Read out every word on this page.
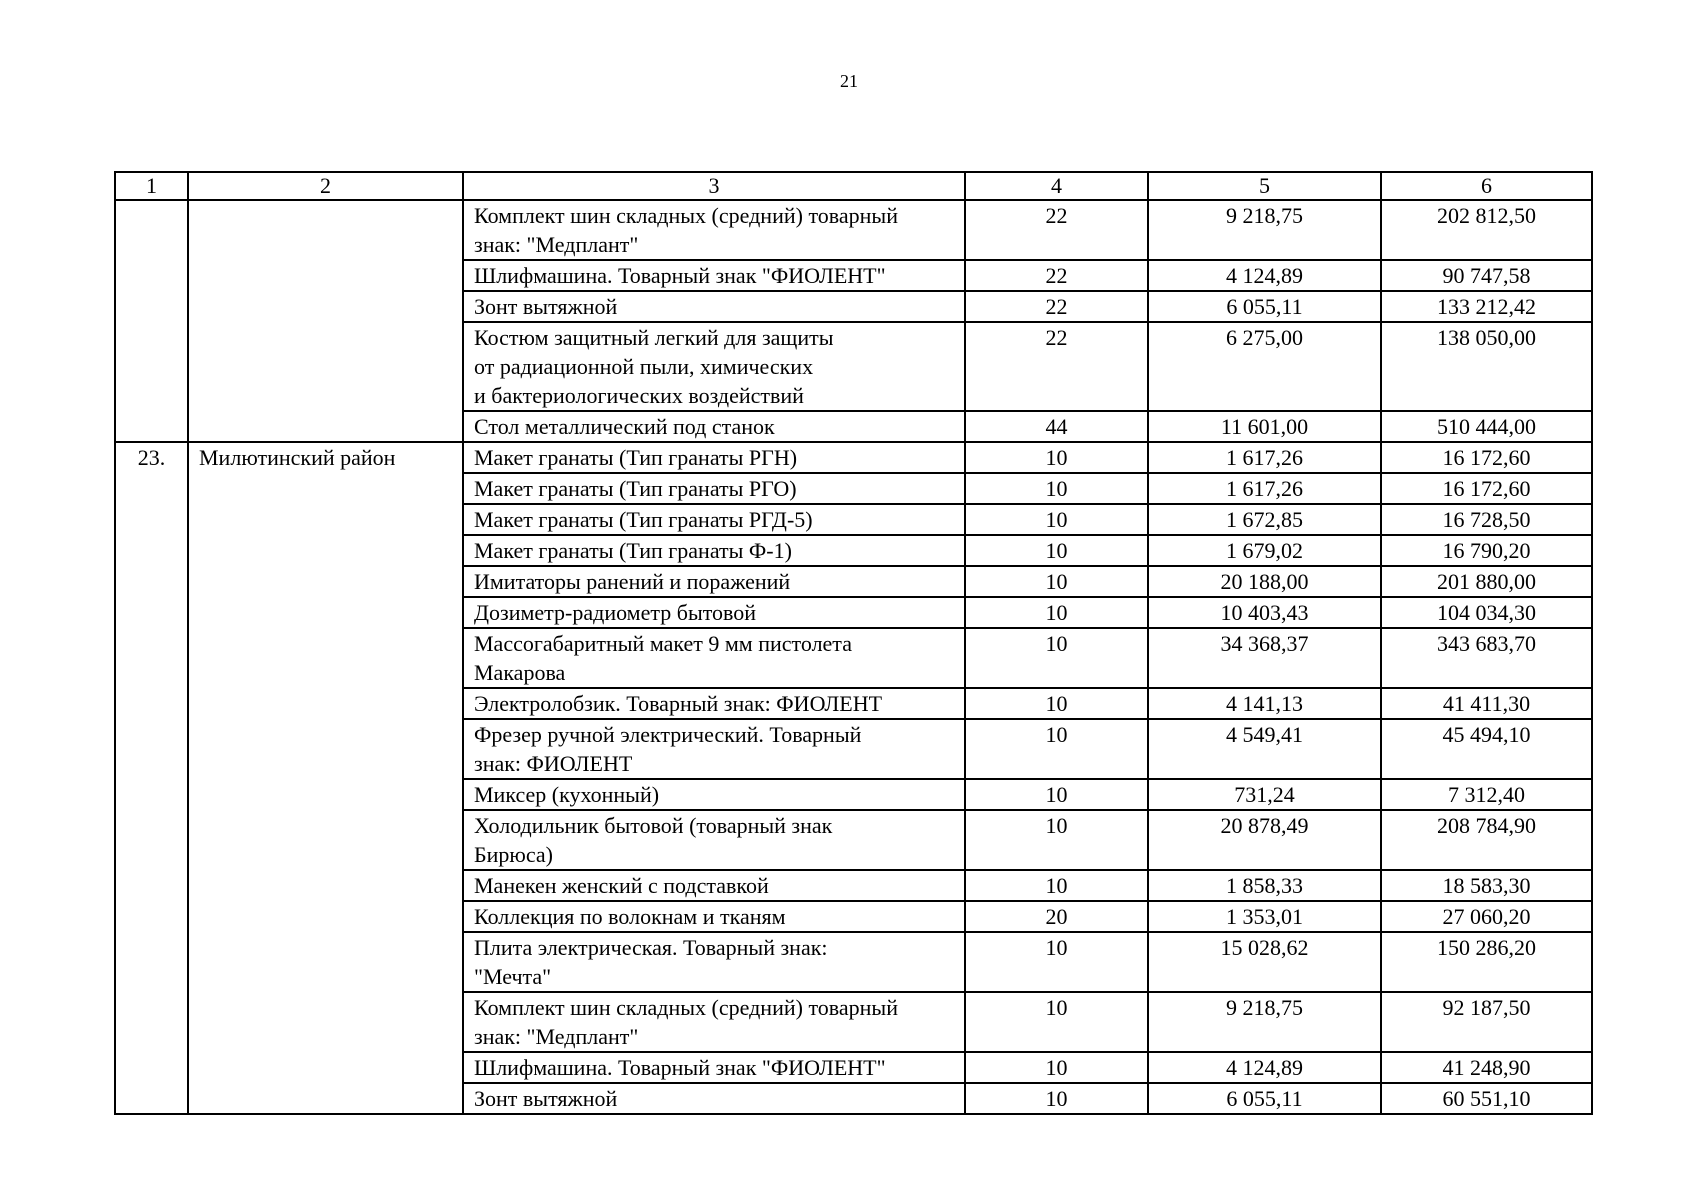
21
1	2	3	4	5	6

		Комплект шин складных (средний) товарный
знак: "Медплант"	22	9 218,75	202 812,50

		Шлифмашина. Товарный знак "ФИОЛЕНТ"	22	4 124,89	90 747,58

		Зонт вытяжной	22	6 055,11	133 212,42

		Костюм защитный легкий для защиты
от радиационной пыли, химических
и бактериологических воздействий	22	6 275,00	138 050,00

		Стол металлический под станок	44	11 601,00	510 444,00
23.	Милютинский район	Макет гранаты (Тип гранаты РГН)	10	1 617,26	16 172,60

		Макет гранаты (Тип гранаты РГО)	10	1 617,26	16 172,60

		Макет гранаты (Тип гранаты РГД-5)	10	1 672,85	16 728,50

		Макет гранаты (Тип гранаты Ф-1)	10	1 679,02	16 790,20

		Имитаторы ранений и поражений	10	20 188,00	201 880,00

		Дозиметр-радиометр бытовой	10	10 403,43	104 034,30

		Массогабаритный макет 9 мм пистолета
Макарова	10	34 368,37	343 683,70

		Электролобзик. Товарный знак: ФИОЛЕНТ	10	4 141,13	41 411,30

		Фрезер ручной электрический. Товарный
знак: ФИОЛЕНТ	10	4 549,41	45 494,10

		Миксер (кухонный)	10	731,24	7 312,40

		Холодильник бытовой (товарный знак
Бирюса)	10	20 878,49	208 784,90

		Манекен женский с подставкой	10	1 858,33	18 583,30

		Коллекция по волокнам и тканям	20	1 353,01	27 060,20

		Плита электрическая. Товарный знак:
"Мечта"	10	15 028,62	150 286,20

		Комплект шин складных (средний) товарный
знак: "Медплант"	10	9 218,75	92 187,50

		Шлифмашина. Товарный знак "ФИОЛЕНТ"	10	4 124,89	41 248,90

		Зонт вытяжной	10	6 055,11	60 551,10
